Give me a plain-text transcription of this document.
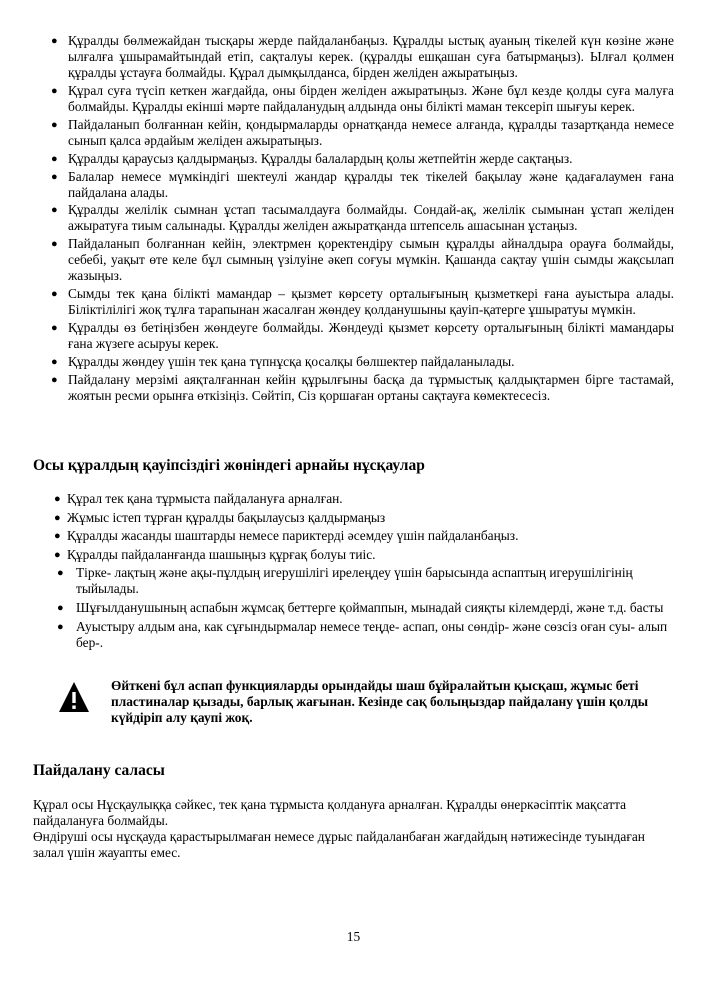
● Құралды бөлмежайдан тысқары жерде пайдаланбаңыз. Құралды ыстық ауаның тікелей күн көзіне және ылғалға ұшырамайтындай етіп, сақталуы керек. (құралды ешқашан суға батырмаңыз). Ылғал қолмен құралды ұстауға болмайды. Құрал дымқылданса, бірден желіден ажыратыңыз.
● Құрал суға түсіп кеткен жағдайда, оны бірден желіден ажыратыңыз. Және бұл кезде қолды суға малуға болмайды. Құралды екінші мәрте пайдаланудың алдында оны білікті маман тексеріп шығуы керек.
● Пайдаланып болғаннан кейін, қондырмаларды орнатқанда немесе алғанда, құралды тазартқанда немесе сынып қалса әрдайым желіден ажыратыңыз.
● Құралды қараусыз қалдырмаңыз. Құралды балалардың қолы жетпейтін жерде сақтаңыз.
● Балалар немесе мүмкіндігі шектеулі жандар құралды тек тікелей бақылау және қадағалаумен ғана пайдалана алады.
● Құралды желілік сымнан ұстап тасымалдауға болмайды. Сондай-ақ, желілік сымынан ұстап желіден ажыратуға тиым салынады. Құралды желіден ажыратқанда штепсель ашасынан ұстаңыз.
● Пайдаланып болғаннан кейін, электрмен қоректендіру сымын құралды айналдыра орауға болмайды, себебі, уақыт өте келе бұл сымның үзілуіне әкеп соғуы мүмкін. Қашанда сақтау үшін сымды жақсылап жазыңыз.
● Сымды тек қана білікті мамандар – қызмет көрсету орталығының қызметкері ғана ауыстыра алады. Біліктілілігі жоқ тұлға тарапынан жасалған жөндеу қолданушыны қауіп-қатерге ұшыратуы мүмкін.
● Құралды өз бетіңізбен жөндеуге болмайды. Жөндеуді қызмет көрсету орталығының білікті мамандары ғана жүзеге асыруы керек.
● Құралды жөндеу үшін тек қана түпнұсқа қосалқы бөлшектер пайдаланылады.
● Пайдалану мерзімі аяқталғаннан кейін құрылғыны басқа да тұрмыстық қалдықтармен бірге тастамай, жоятын ресми орынға өткізіңіз. Сөйтіп, Сіз қоршаған ортаны сақтауға көмектесесіз.
Осы құралдың қауіпсіздігі жөніндегі арнайы нұсқаулар
● Құрал тек қана тұрмыста пайдалануға арналған.
● Жұмыс істеп тұрған құралды бақылаусыз қалдырмаңыз
● Құралды жасанды шаштарды немесе париктерді әсемдеу үшін пайдаланбаңыз.
● Құралды пайдаланғанда шашыңыз құрғақ болуы тиіс.
● Тірке- лақтың және ақы-пұлдың игерушілігі ирелеңдеу үшін барысында аспаптың игерушілігінің тыйылады.
● Шұғылданушының аспабын жұмсақ беттерге қоймаппын, мынадай сияқты кілемдерді, және т.д. басты
● Ауыстыру алдым ана, как сұғындырмалар немесе теңде- аспап, оны сөндір- және сөзсіз оған суы- алып бер-.
Өйткені бұл аспап функцияларды орындайды шаш бұйралайтын қысқаш, жұмыс беті пластиналар қызады, барлық жағынан. Кезінде сақ болыңыздар пайдалану үшін қолды күйдіріп алу қаупі жоқ.
Пайдалану саласы

Құрал осы Нұсқаулыққа сәйкес, тек қана тұрмыста қолдануға арналған. Құралды өнеркәсіптік мақсатта пайдалануға болмайды.

Өндіруші осы нұсқауда қарастырылмаған немесе дұрыс пайдаланбаған жағдайдың нәтижесінде туындаған залал үшін жауапты емес.

15
